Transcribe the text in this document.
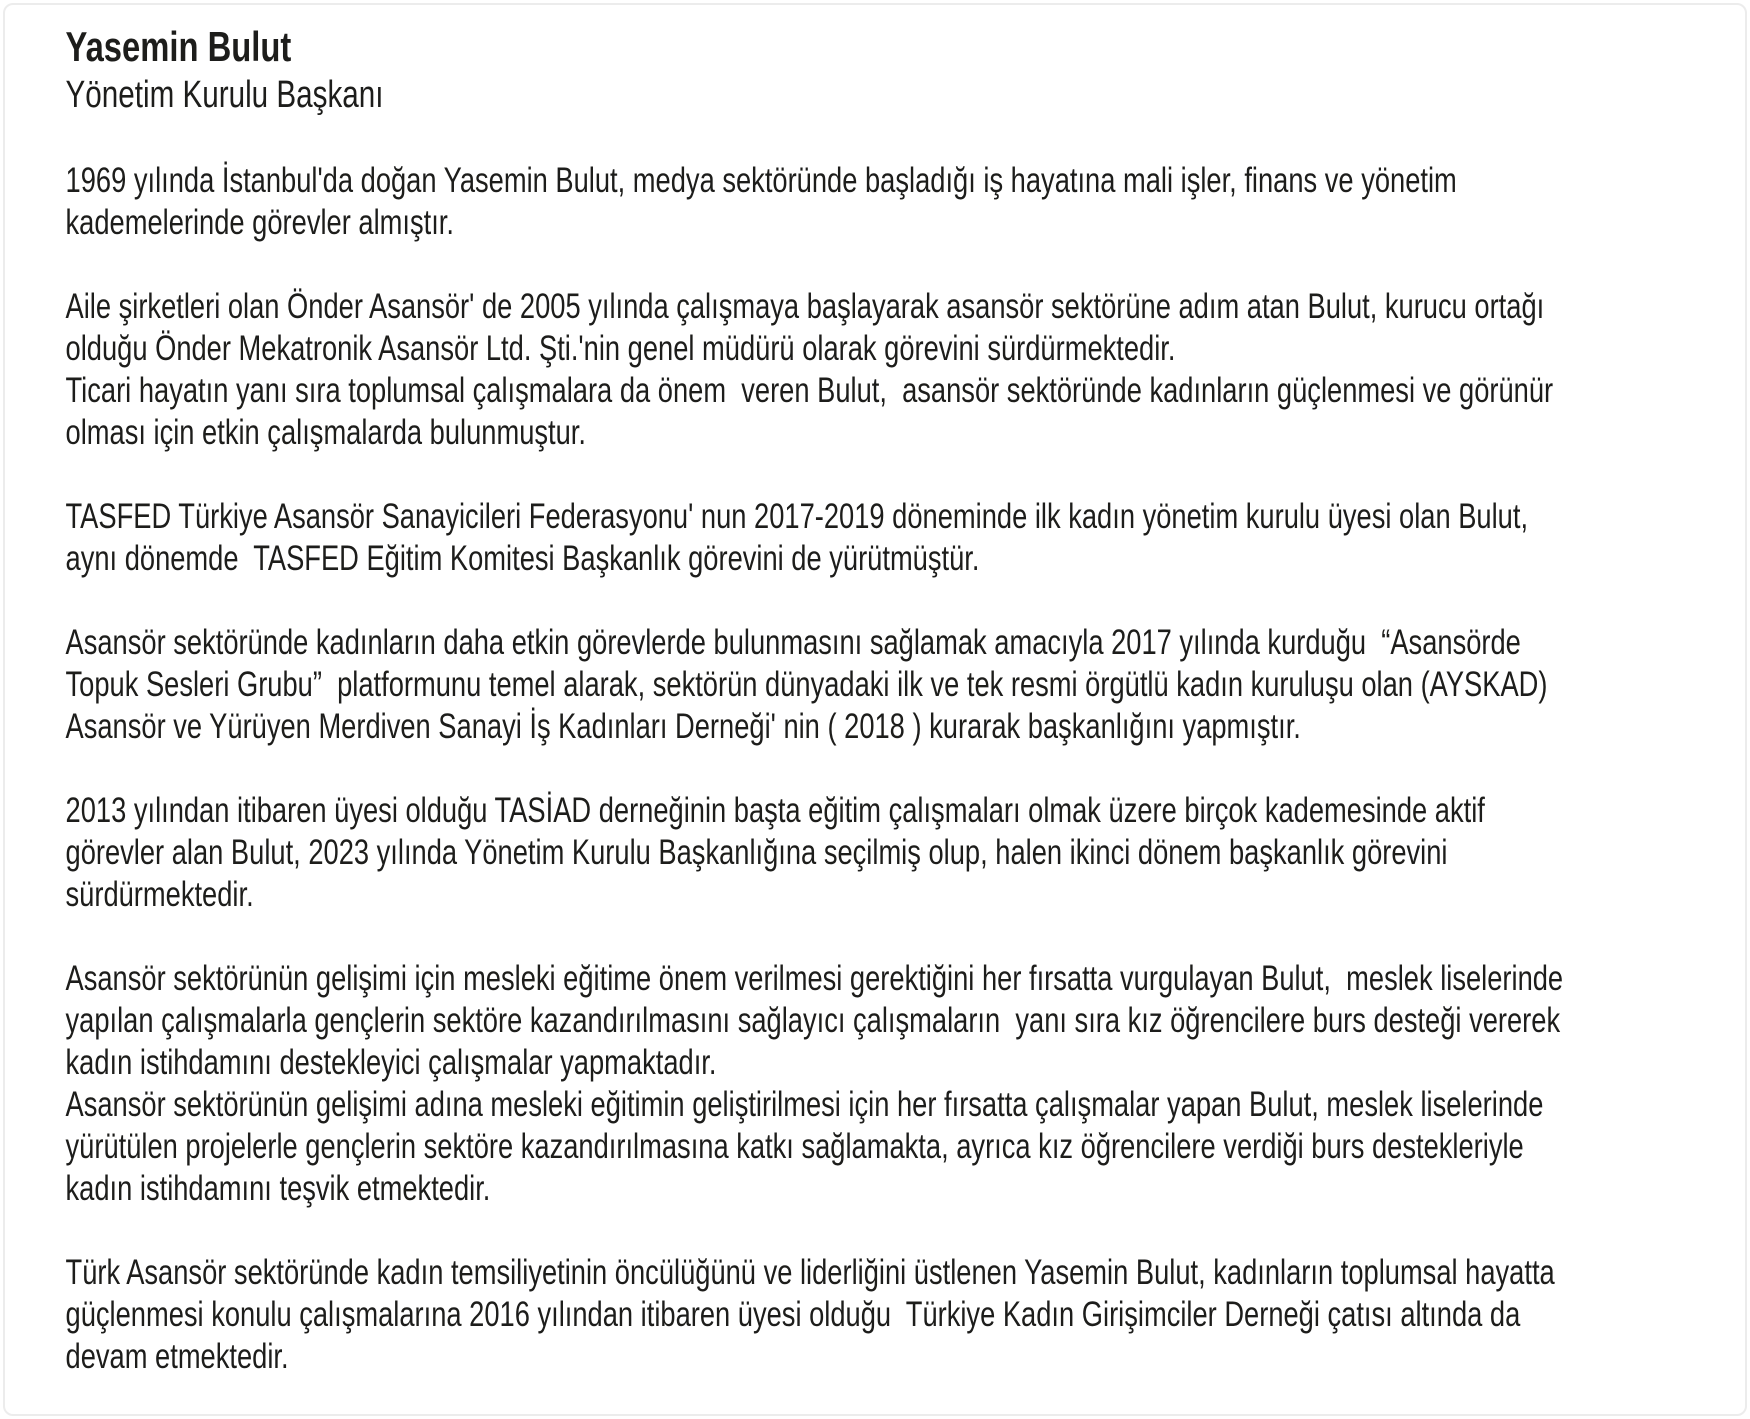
Yasemin Bulut
Yönetim Kurulu Başkanı
1969 yılında İstanbul'da doğan Yasemin Bulut, medya sektöründe başladığı iş hayatına mali işler, finans ve yönetim
kademelerinde görevler almıştır.
Aile şirketleri olan Önder Asansör' de 2005 yılında çalışmaya başlayarak asansör sektörüne adım atan Bulut, kurucu ortağı
olduğu Önder Mekatronik Asansör Ltd. Şti.'nin genel müdürü olarak görevini sürdürmektedir.
Ticari hayatın yanı sıra toplumsal çalışmalara da önem  veren Bulut,  asansör sektöründe kadınların güçlenmesi ve görünür
olması için etkin çalışmalarda bulunmuştur.
TASFED Türkiye Asansör Sanayicileri Federasyonu' nun 2017-2019 döneminde ilk kadın yönetim kurulu üyesi olan Bulut,
aynı dönemde  TASFED Eğitim Komitesi Başkanlık görevini de yürütmüştür.
Asansör sektöründe kadınların daha etkin görevlerde bulunmasını sağlamak amacıyla 2017 yılında kurduğu  “Asansörde
Topuk Sesleri Grubu”  platformunu temel alarak, sektörün dünyadaki ilk ve tek resmi örgütlü kadın kuruluşu olan (AYSKAD)
Asansör ve Yürüyen Merdiven Sanayi İş Kadınları Derneği' nin ( 2018 ) kurarak başkanlığını yapmıştır.
2013 yılından itibaren üyesi olduğu TASİAD derneğinin başta eğitim çalışmaları olmak üzere birçok kademesinde aktif
görevler alan Bulut, 2023 yılında Yönetim Kurulu Başkanlığına seçilmiş olup, halen ikinci dönem başkanlık görevini
sürdürmektedir.
Asansör sektörünün gelişimi için mesleki eğitime önem verilmesi gerektiğini her fırsatta vurgulayan Bulut,  meslek liselerinde
yapılan çalışmalarla gençlerin sektöre kazandırılmasını sağlayıcı çalışmaların  yanı sıra kız öğrencilere burs desteği vererek
kadın istihdamını destekleyici çalışmalar yapmaktadır.
Asansör sektörünün gelişimi adına mesleki eğitimin geliştirilmesi için her fırsatta çalışmalar yapan Bulut, meslek liselerinde
yürütülen projelerle gençlerin sektöre kazandırılmasına katkı sağlamakta, ayrıca kız öğrencilere verdiği burs destekleriyle
kadın istihdamını teşvik etmektedir.
Türk Asansör sektöründe kadın temsiliyetinin öncülüğünü ve liderliğini üstlenen Yasemin Bulut, kadınların toplumsal hayatta
güçlenmesi konulu çalışmalarına 2016 yılından itibaren üyesi olduğu  Türkiye Kadın Girişimciler Derneği çatısı altında da
devam etmektedir.
